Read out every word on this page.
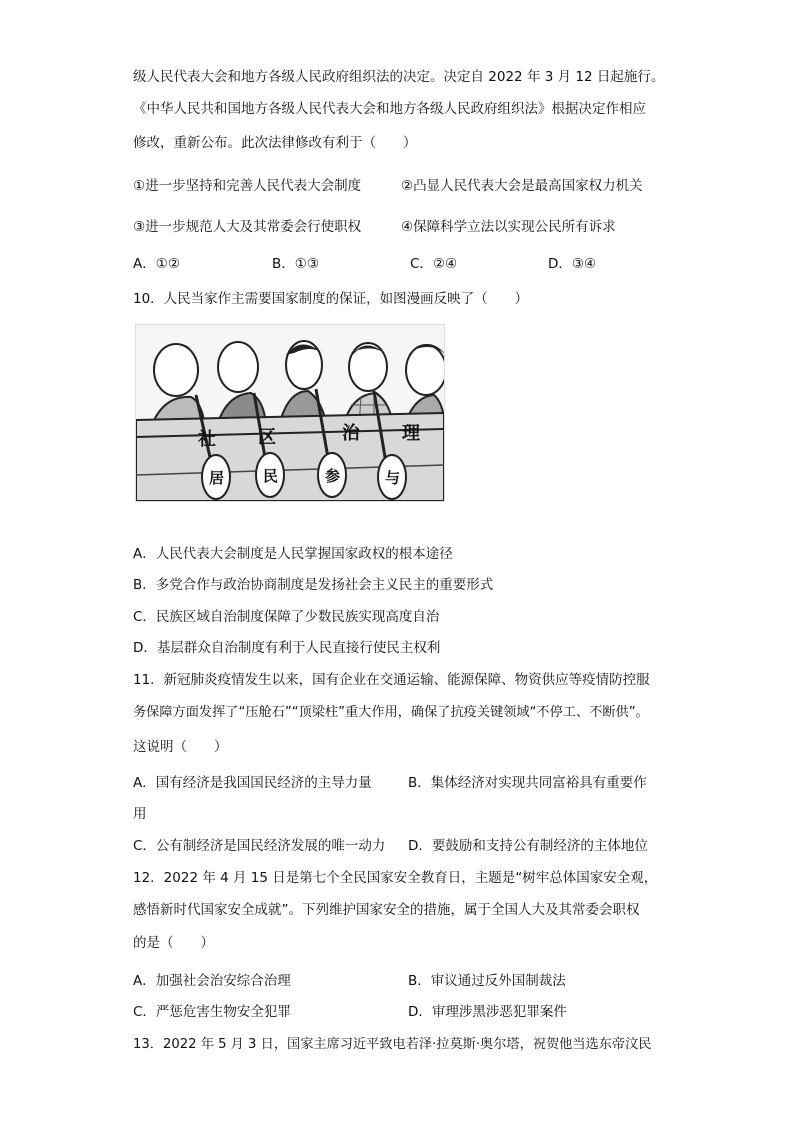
级人民代表大会和地方各级人民政府组织法的决定。决定自 2022 年 3 月 12 日起施行。
《中华人民共和国地方各级人民代表大会和地方各级人民政府组织法》根据决定作相应
修改，重新公布。此次法律修改有利于（　　）
①进一步坚持和完善人民代表大会制度	②凸显人民代表大会是最高国家权力机关
③进一步规范人大及其常委会行使职权	④保障科学立法以实现公民所有诉求
A．①②	B．①③	C．②④	D．③④
10．人民当家作主需要国家制度的保证，如图漫画反映了（　　）
社 区	治 理
居	民	参	与
A．人民代表大会制度是人民掌握国家政权的根本途径
B．多党合作与政治协商制度是发扬社会主义民主的重要形式
C．民族区域自治制度保障了少数民族实现高度自治
D．基层群众自治制度有利于人民直接行使民主权利
11．新冠肺炎疫情发生以来，国有企业在交通运输、能源保障、物资供应等疫情防控服
务保障方面发挥了“压舱石”“顶梁柱”重大作用，确保了抗疫关键领域“不停工、不断供”。
这说明（　　）
A．国有经济是我国国民经济的主导力量	B．集体经济对实现共同富裕具有重要作
用
C．公有制经济是国民经济发展的唯一动力 D．要鼓励和支持公有制经济的主体地位
12．2022 年 4 月 15 日是第七个全民国家安全教育日，主题是“树牢总体国家安全观，
感悟新时代国家安全成就”。下列维护国家安全的措施，属于全国人大及其常委会职权
的是（　　）
A．加强社会治安综合治理	B．审议通过反外国制裁法
C．严惩危害生物安全犯罪	D．审理涉黑涉恶犯罪案件
13．2022 年 5 月 3 日，国家主席习近平致电若泽·拉莫斯·奥尔塔，祝贺他当选东帝汶民
